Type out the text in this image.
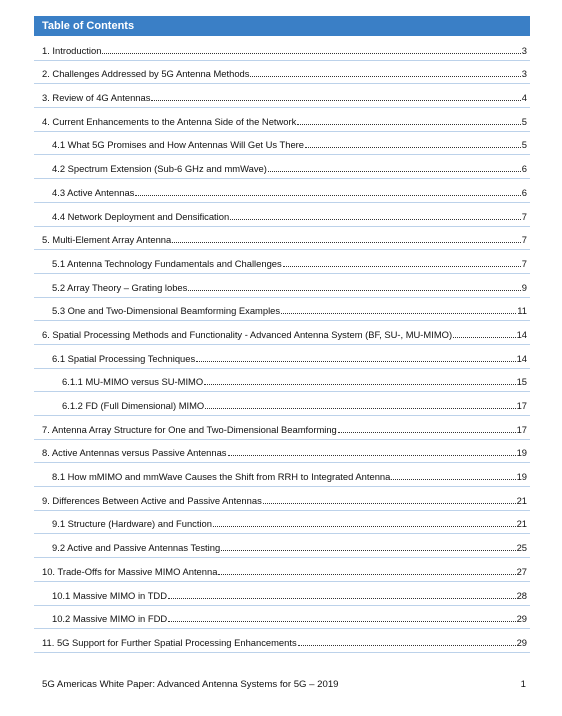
Table of Contents
1. Introduction	3
2. Challenges Addressed by 5G Antenna Methods	3
3. Review of 4G Antennas	4
4. Current Enhancements to the Antenna Side of the Network	5
4.1 What 5G Promises and How Antennas Will Get Us There	5
4.2 Spectrum Extension (Sub-6 GHz and mmWave)	6
4.3 Active Antennas	6
4.4 Network Deployment and Densification	7
5. Multi-Element Array Antenna	7
5.1 Antenna Technology Fundamentals and Challenges	7
5.2 Array Theory – Grating lobes	9
5.3 One and Two-Dimensional Beamforming Examples	11
6. Spatial Processing Methods and Functionality - Advanced Antenna System (BF, SU-, MU-MIMO)	14
6.1 Spatial Processing Techniques	14
6.1.1 MU-MIMO versus SU-MIMO	15
6.1.2 FD (Full Dimensional) MIMO	17
7. Antenna Array Structure for One and Two-Dimensional Beamforming	17
8. Active Antennas versus Passive Antennas	19
8.1 How mMIMO and mmWave Causes the Shift from RRH to Integrated Antenna	19
9. Differences Between Active and Passive Antennas	21
9.1 Structure (Hardware) and Function	21
9.2 Active and Passive Antennas Testing	25
10. Trade-Offs for Massive MIMO Antenna	27
10.1 Massive MIMO in TDD	28
10.2 Massive MIMO in FDD	29
11. 5G Support for Further Spatial Processing Enhancements	29
5G Americas White Paper: Advanced Antenna Systems for 5G – 2019	1
